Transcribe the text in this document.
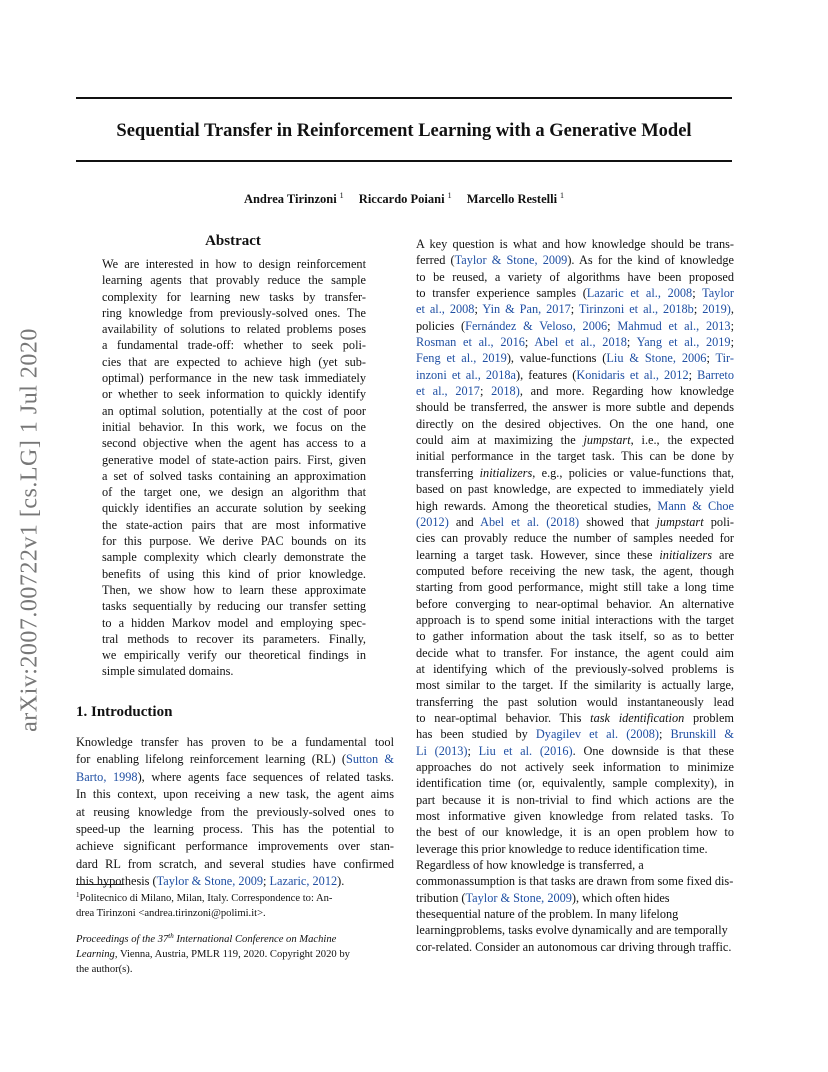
arXiv:2007.00722v1 [cs.LG] 1 Jul 2020
Sequential Transfer in Reinforcement Learning with a Generative Model
Andrea Tirinzoni $^1$ Riccardo Poiani $^1$ Marcello Restelli $^1$
Abstract
We are interested in how to design reinforcement
learning agents that provably reduce the sample
complexity for learning new tasks by transfer-
ring knowledge from previously-solved ones. The
availability of solutions to related problems poses
a fundamental trade-off: whether to seek poli-
cies that are expected to achieve high (yet sub-
optimal) performance in the new task immediately
or whether to seek information to quickly identify
an optimal solution, potentially at the cost of poor
initial behavior. In this work, we focus on the
second objective when the agent has access to a
generative model of state-action pairs. First, given
a set of solved tasks containing an approximation
of the target one, we design an algorithm that
quickly identifies an accurate solution by seeking
the state-action pairs that are most informative
for this purpose. We derive PAC bounds on its
sample complexity which clearly demonstrate the
benefits of using this kind of prior knowledge.
Then, we show how to learn these approximate
tasks sequentially by reducing our transfer setting
to a hidden Markov model and employing spec-
tral methods to recover its parameters. Finally,
we empirically verify our theoretical findings in
simple simulated domains.
1. Introduction
Knowledge transfer has proven to be a fundamental tool
for enabling lifelong reinforcement learning (RL) (Sutton &
Barto, 1998), where agents face sequences of related tasks.
In this context, upon receiving a new task, the agent aims
at reusing knowledge from the previously-solved ones to
speed-up the learning process. This has the potential to
achieve significant performance improvements over stan-
dard RL from scratch, and several studies have confirmed
this hypothesis (Taylor & Stone, 2009; Lazaric, 2012).
$^1$Politecnico di Milano, Milan, Italy. Correspondence to: An-
drea Tirinzoni <andrea.tirinzoni@polimi.it>.
Proceedings of the 37th International Conference on Machine
Learning, Vienna, Austria, PMLR 119, 2020. Copyright 2020 by
the author(s).
A key question is what and how knowledge should be trans-
ferred (Taylor & Stone, 2009). As for the kind of knowledge
to be reused, a variety of algorithms have been proposed
to transfer experience samples (Lazaric et al., 2008; Taylor
et al., 2008; Yin & Pan, 2017; Tirinzoni et al., 2018b; 2019),
policies (Fernández & Veloso, 2006; Mahmud et al., 2013;
Rosman et al., 2016; Abel et al., 2018; Yang et al., 2019;
Feng et al., 2019), value-functions (Liu & Stone, 2006; Tir-
inzoni et al., 2018a), features (Konidaris et al., 2012; Barreto
et al., 2017; 2018), and more. Regarding how knowledge
should be transferred, the answer is more subtle and depends
directly on the desired objectives. On the one hand, one
could aim at maximizing the jumpstart, i.e., the expected
initial performance in the target task. This can be done by
transferring initializers, e.g., policies or value-functions that,
based on past knowledge, are expected to immediately yield
high rewards. Among the theoretical studies, Mann & Choe
(2012) and Abel et al. (2018) showed that jumpstart poli-
cies can provably reduce the number of samples needed for
learning a target task. However, since these initializers are
computed before receiving the new task, the agent, though
starting from good performance, might still take a long time
before converging to near-optimal behavior. An alternative
approach is to spend some initial interactions with the target
to gather information about the task itself, so as to better
decide what to transfer. For instance, the agent could aim
at identifying which of the previously-solved problems is
most similar to the target. If the similarity is actually large,
transferring the past solution would instantaneously lead
to near-optimal behavior. This task identification problem
has been studied by Dyagilev et al. (2008); Brunskill &
Li (2013); Liu et al. (2016). One downside is that these
approaches do not actively seek information to minimize
identification time (or, equivalently, sample complexity), in
part because it is non-trivial to find which actions are the
most informative given knowledge from related tasks. To
the best of our knowledge, it is an open problem how to
leverage this prior knowledge to reduce identification time.
Regardless of how knowledge is transferred, a commonassumption is that tasks are drawn from some fixed dis-tribution (Taylor & Stone, 2009), which often hides thesequential nature of the problem. In many lifelong learningproblems, tasks evolve dynamically and are temporally cor-related. Consider an autonomous car driving through traffic.
